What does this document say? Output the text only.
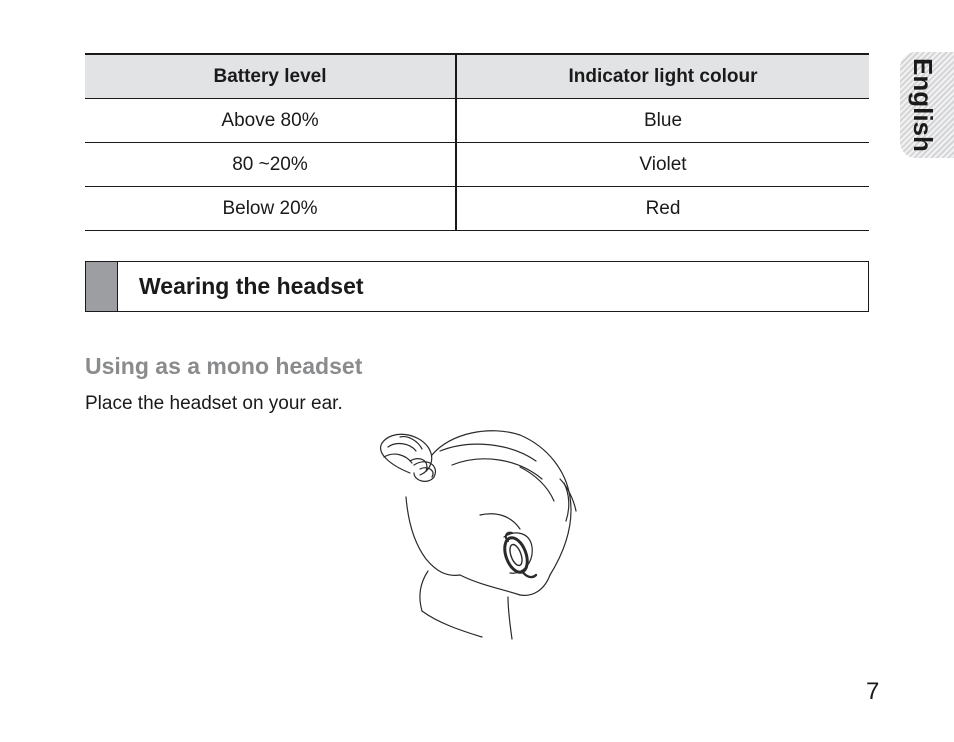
Battery level	Indicator light colour
Above 80%	Blue
80 ~20%	Violet
Below 20%	Red
Wearing the headset
Using as a mono headset
Place the headset on your ear.
English
7
